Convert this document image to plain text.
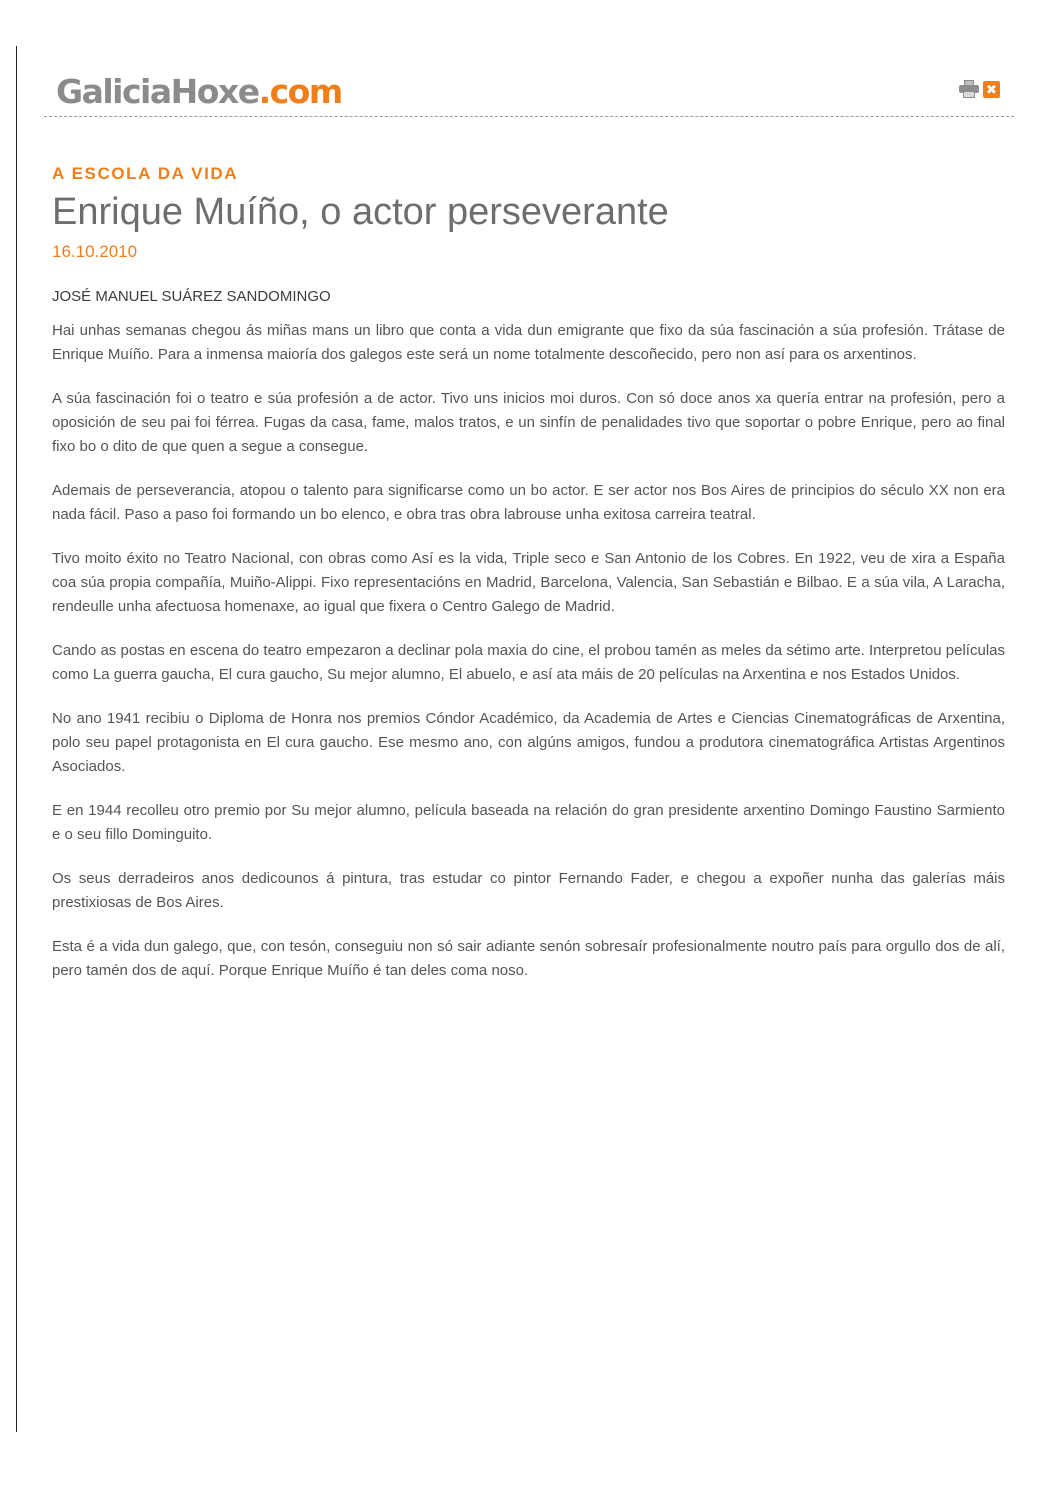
GaliciaHoxe.com	✖
A ESCOLA DA VIDA
Enrique Muíño, o actor perseverante
16.10.2010
JOSÉ MANUEL SUÁREZ SANDOMINGO

Hai unhas semanas chegou ás miñas mans un libro que conta a vida dun emigrante que fixo da súa fascinación a súa profesión. Trátase de Enrique Muíño. Para a inmensa maioría dos galegos este será un nome totalmente descoñecido, pero non así para os arxentinos.

A súa fascinación foi o teatro e súa profesión a de actor. Tivo uns inicios moi duros. Con só doce anos xa quería entrar na profesión, pero a oposición de seu pai foi férrea. Fugas da casa, fame, malos tratos, e un sinfín de penalidades tivo que soportar o pobre Enrique, pero ao final fixo bo o dito de que quen a segue a consegue.

Ademais de perseverancia, atopou o talento para significarse como un bo actor. E ser actor nos Bos Aires de principios do século XX non era nada fácil. Paso a paso foi formando un bo elenco, e obra tras obra labrouse unha exitosa carreira teatral.

Tivo moito éxito no Teatro Nacional, con obras como Así es la vida, Triple seco e San Antonio de los Cobres. En 1922, veu de xira a España coa súa propia compañía, Muiño-Alippi. Fixo representacións en Madrid, Barcelona, Valencia, San Sebastián e Bilbao. E a súa vila, A Laracha, rendeulle unha afectuosa homenaxe, ao igual que fixera o Centro Galego de Madrid.

Cando as postas en escena do teatro empezaron a declinar pola maxia do cine, el probou tamén as meles da sétimo arte. Interpretou películas como La guerra gaucha, El cura gaucho, Su mejor alumno, El abuelo, e así ata máis de 20 películas na Arxentina e nos Estados Unidos.

No ano 1941 recibiu o Diploma de Honra nos premios Cóndor Académico, da Academia de Artes e Ciencias Cinematográficas de Arxentina, polo seu papel protagonista en El cura gaucho. Ese mesmo ano, con algúns amigos, fundou a produtora cinematográfica Artistas Argentinos Asociados.

E en 1944 recolleu otro premio por Su mejor alumno, película baseada na relación do gran presidente arxentino Domingo Faustino Sarmiento e o seu fillo Dominguito.

Os seus derradeiros anos dedicounos á pintura, tras estudar co pintor Fernando Fader, e chegou a expoñer nunha das galerías máis prestixiosas de Bos Aires.

Esta é a vida dun galego, que, con tesón, conseguiu non só sair adiante senón sobresaír profesionalmente noutro país para orgullo dos de alí, pero tamén dos de aquí. Porque Enrique Muíño é tan deles coma noso.
